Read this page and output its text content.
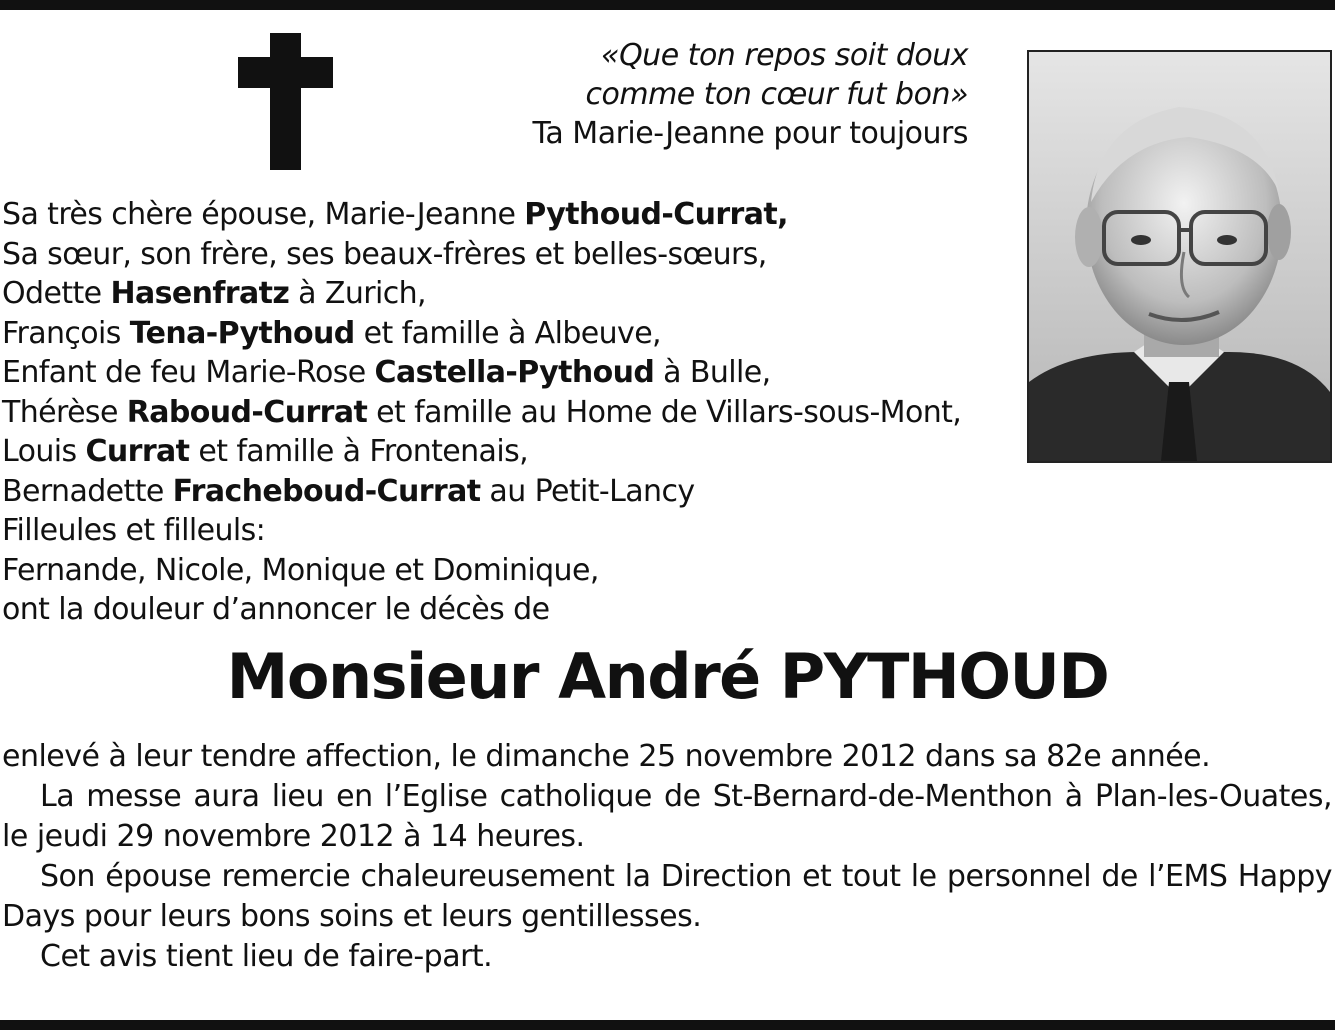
«Que ton repos soit doux
comme ton cœur fut bon»
Ta Marie-Jeanne pour toujours
Sa très chère épouse, Marie-Jeanne Pythoud-Currat,
Sa sœur, son frère, ses beaux-frères et belles-sœurs,
Odette Hasenfratz à Zurich,
François Tena-Pythoud et famille à Albeuve,
Enfant de feu Marie-Rose Castella-Pythoud à Bulle,
Thérèse Raboud-Currat et famille au Home de Villars-sous-Mont,
Louis Currat et famille à Frontenais,
Bernadette Fracheboud-Currat au Petit-Lancy
Filleules et filleuls:
Fernande, Nicole, Monique et Dominique,
ont la douleur d’annoncer le décès de
Monsieur André PYTHOUD

enlevé à leur tendre affection, le dimanche 25 novembre 2012 dans sa 82e année.

La messe aura lieu en l’Eglise catholique de St-Bernard-de-Menthon à Plan-les-Ouates, le jeudi 29 novembre 2012 à 14 heures.

Son épouse remercie chaleureusement la Direction et tout le personnel de l’EMS Happy Days pour leurs bons soins et leurs gentillesses.

Cet avis tient lieu de faire-part.
